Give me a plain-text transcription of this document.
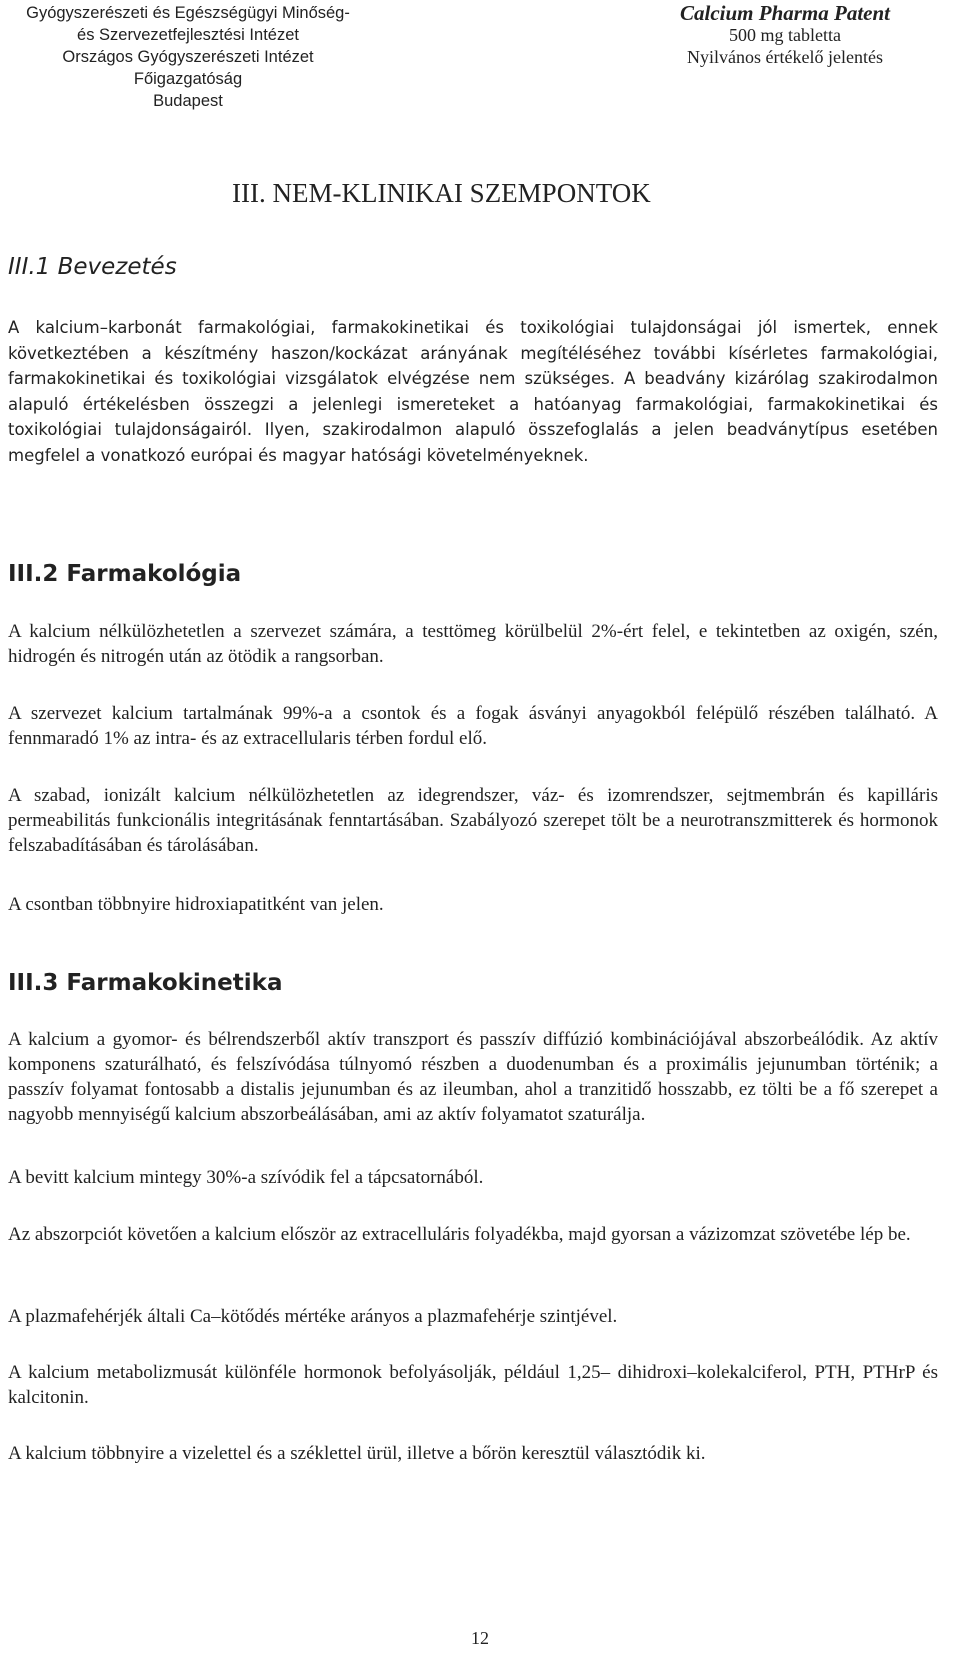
Gyógyszerészeti és Egészségügyi Minőség-
és Szervezetfejlesztési Intézet
Országos Gyógyszerészeti Intézet
Főigazgatóság
Budapest
Calcium Pharma Patent
500 mg tabletta
Nyilvános értékelő jelentés
III. NEM-KLINIKAI SZEMPONTOK
III.1 Bevezetés
A kalcium–karbonát farmakológiai, farmakokinetikai és toxikológiai tulajdonságai jól ismertek, ennek következtében a készítmény haszon/kockázat arányának megítéléséhez további kísérletes farmakológiai, farmakokinetikai és toxikológiai vizsgálatok elvégzése nem szükséges. A beadvány kizárólag szakirodalmon alapuló értékelésben összegzi a jelenlegi ismereteket a hatóanyag farmakológiai, farmakokinetikai és toxikológiai tulajdonságairól. Ilyen, szakirodalmon alapuló összefoglalás a jelen beadványtípus esetében megfelel a vonatkozó európai és magyar hatósági követelményeknek.
III.2 Farmakológia
A kalcium nélkülözhetetlen a szervezet számára, a testtömeg körülbelül 2%-ért felel, e tekintetben az oxigén, szén, hidrogén és nitrogén után az ötödik a rangsorban.
A szervezet kalcium tartalmának 99%-a a csontok és a fogak ásványi anyagokból felépülő részében található. A fennmaradó 1% az intra- és az extracellularis térben fordul elő.
A szabad, ionizált kalcium nélkülözhetetlen az idegrendszer, váz- és izomrendszer, sejtmembrán és kapilláris permeabilitás funkcionális integritásának fenntartásában. Szabályozó szerepet tölt be a neurotranszmitterek és hormonok felszabadításában és tárolásában.
A csontban többnyire hidroxiapatitként van jelen.
III.3 Farmakokinetika
A kalcium a gyomor- és bélrendszerből aktív transzport és passzív diffúzió kombinációjával abszorbeálódik. Az aktív komponens szaturálható, és felszívódása túlnyomó részben a duodenumban és a proximális jejunumban történik; a passzív folyamat fontosabb a distalis jejunumban és az ileumban, ahol a tranzitidő hosszabb, ez tölti be a fő szerepet a nagyobb mennyiségű kalcium abszorbeálásában, ami az aktív folyamatot szaturálja.
A bevitt kalcium mintegy 30%-a szívódik fel a tápcsatornából.
Az abszorpciót követően a kalcium először az extracelluláris folyadékba, majd gyorsan a vázizomzat szövetébe lép be.
A plazmafehérjék általi Ca–kötődés mértéke arányos a plazmafehérje szintjével.
A kalcium metabolizmusát különféle hormonok befolyásolják, például 1,25– dihidroxi–kolekalciferol, PTH, PTHrP és kalcitonin.
A kalcium többnyire a vizelettel és a széklettel ürül, illetve a bőrön keresztül választódik ki.
12
